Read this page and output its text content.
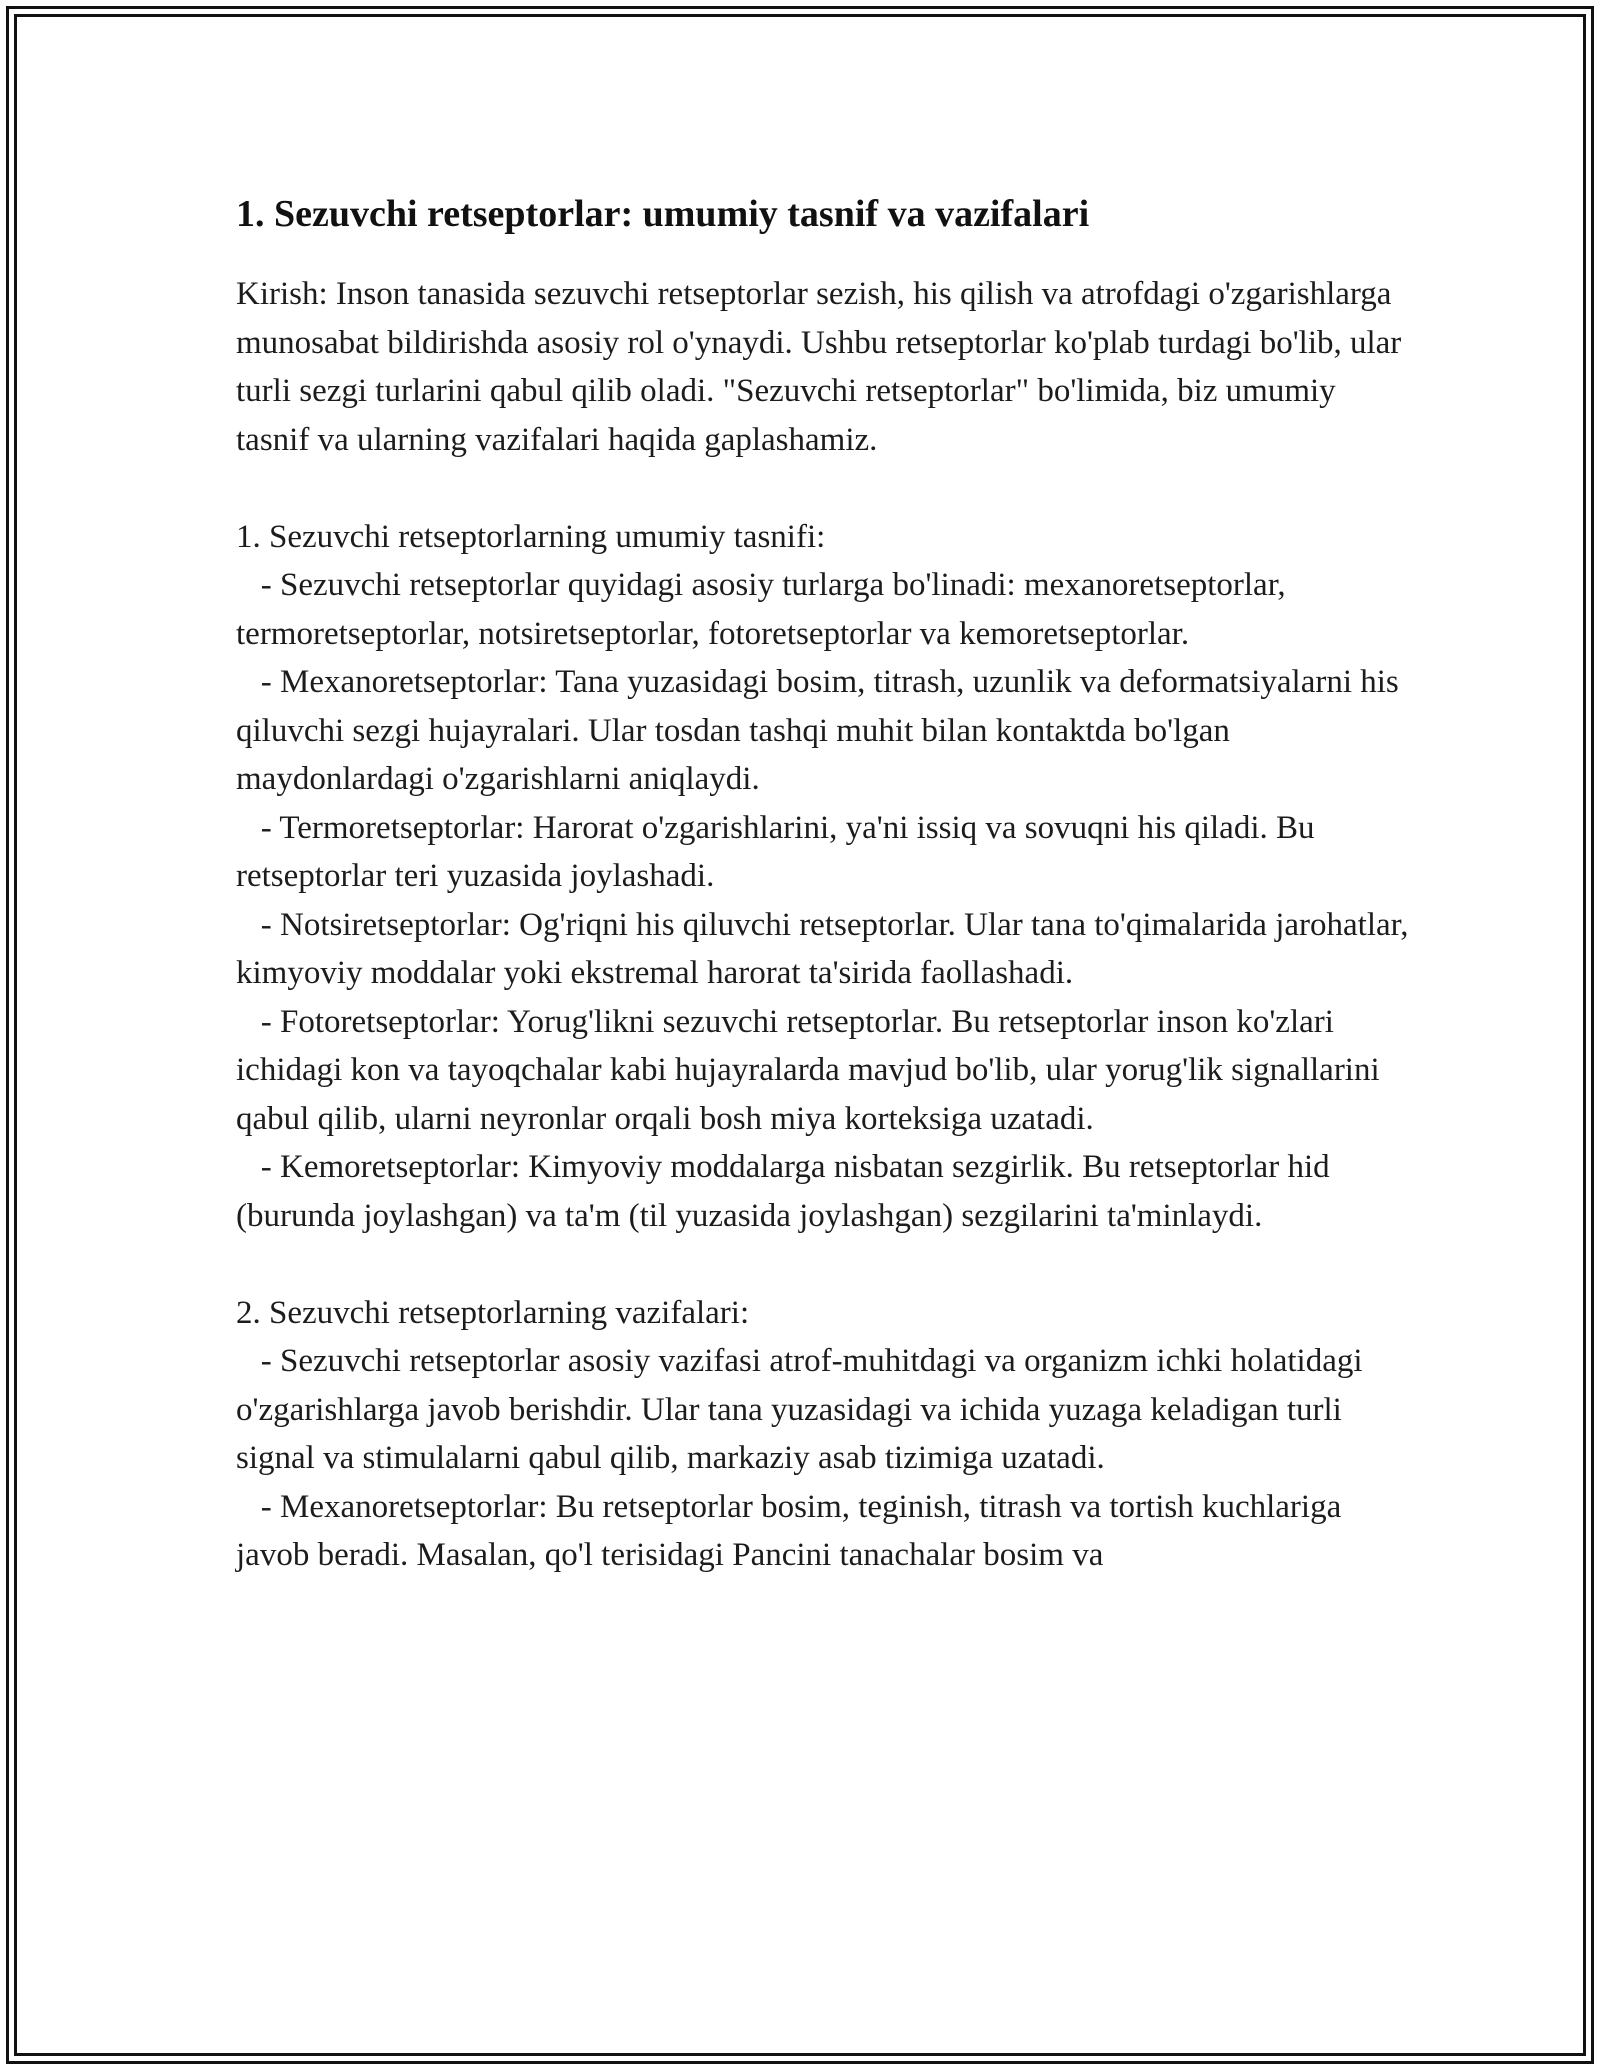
1. Sezuvchi retseptorlar: umumiy tasnif va vazifalari

Kirish: Inson tanasida sezuvchi retseptorlar sezish, his qilish va atrofdagi o'zgarishlarga munosabat bildirishda asosiy rol o'ynaydi. Ushbu retseptorlar ko'plab turdagi bo'lib, ular turli sezgi turlarini qabul qilib oladi. "Sezuvchi retseptorlar" bo'limida, biz umumiy tasnif va ularning vazifalari haqida gaplashamiz.

1. Sezuvchi retseptorlarning umumiy tasnifi:

- Sezuvchi retseptorlar quyidagi asosiy turlarga bo'linadi: mexanoretseptorlar, termoretseptorlar, notsiretseptorlar, fotoretseptorlar va kemoretseptorlar.

- Mexanoretseptorlar: Tana yuzasidagi bosim, titrash, uzunlik va deformatsiyalarni his qiluvchi sezgi hujayralari. Ular tosdan tashqi muhit bilan kontaktda bo'lgan maydonlardagi o'zgarishlarni aniqlaydi.

- Termoretseptorlar: Harorat o'zgarishlarini, ya'ni issiq va sovuqni his qiladi. Bu retseptorlar teri yuzasida joylashadi.

- Notsiretseptorlar: Og'riqni his qiluvchi retseptorlar. Ular tana to'qimalarida jarohatlar, kimyoviy moddalar yoki ekstremal harorat ta'sirida faollashadi.

- Fotoretseptorlar: Yorug'likni sezuvchi retseptorlar. Bu retseptorlar inson ko'zlari ichidagi kon va tayoqchalar kabi hujayralarda mavjud bo'lib, ular yorug'lik signallarini qabul qilib, ularni neyronlar orqali bosh miya korteksiga uzatadi.

- Kemoretseptorlar: Kimyoviy moddalarga nisbatan sezgirlik. Bu retseptorlar hid (burunda joylashgan) va ta'm (til yuzasida joylashgan) sezgilarini ta'minlaydi.

2. Sezuvchi retseptorlarning vazifalari:

- Sezuvchi retseptorlar asosiy vazifasi atrof-muhitdagi va organizm ichki holatidagi o'zgarishlarga javob berishdir. Ular tana yuzasidagi va ichida yuzaga keladigan turli signal va stimulalarni qabul qilib, markaziy asab tizimiga uzatadi.

- Mexanoretseptorlar: Bu retseptorlar bosim, teginish, titrash va tortish kuchlariga javob beradi. Masalan, qo'l terisidagi Pancini tanachalar bosim va
